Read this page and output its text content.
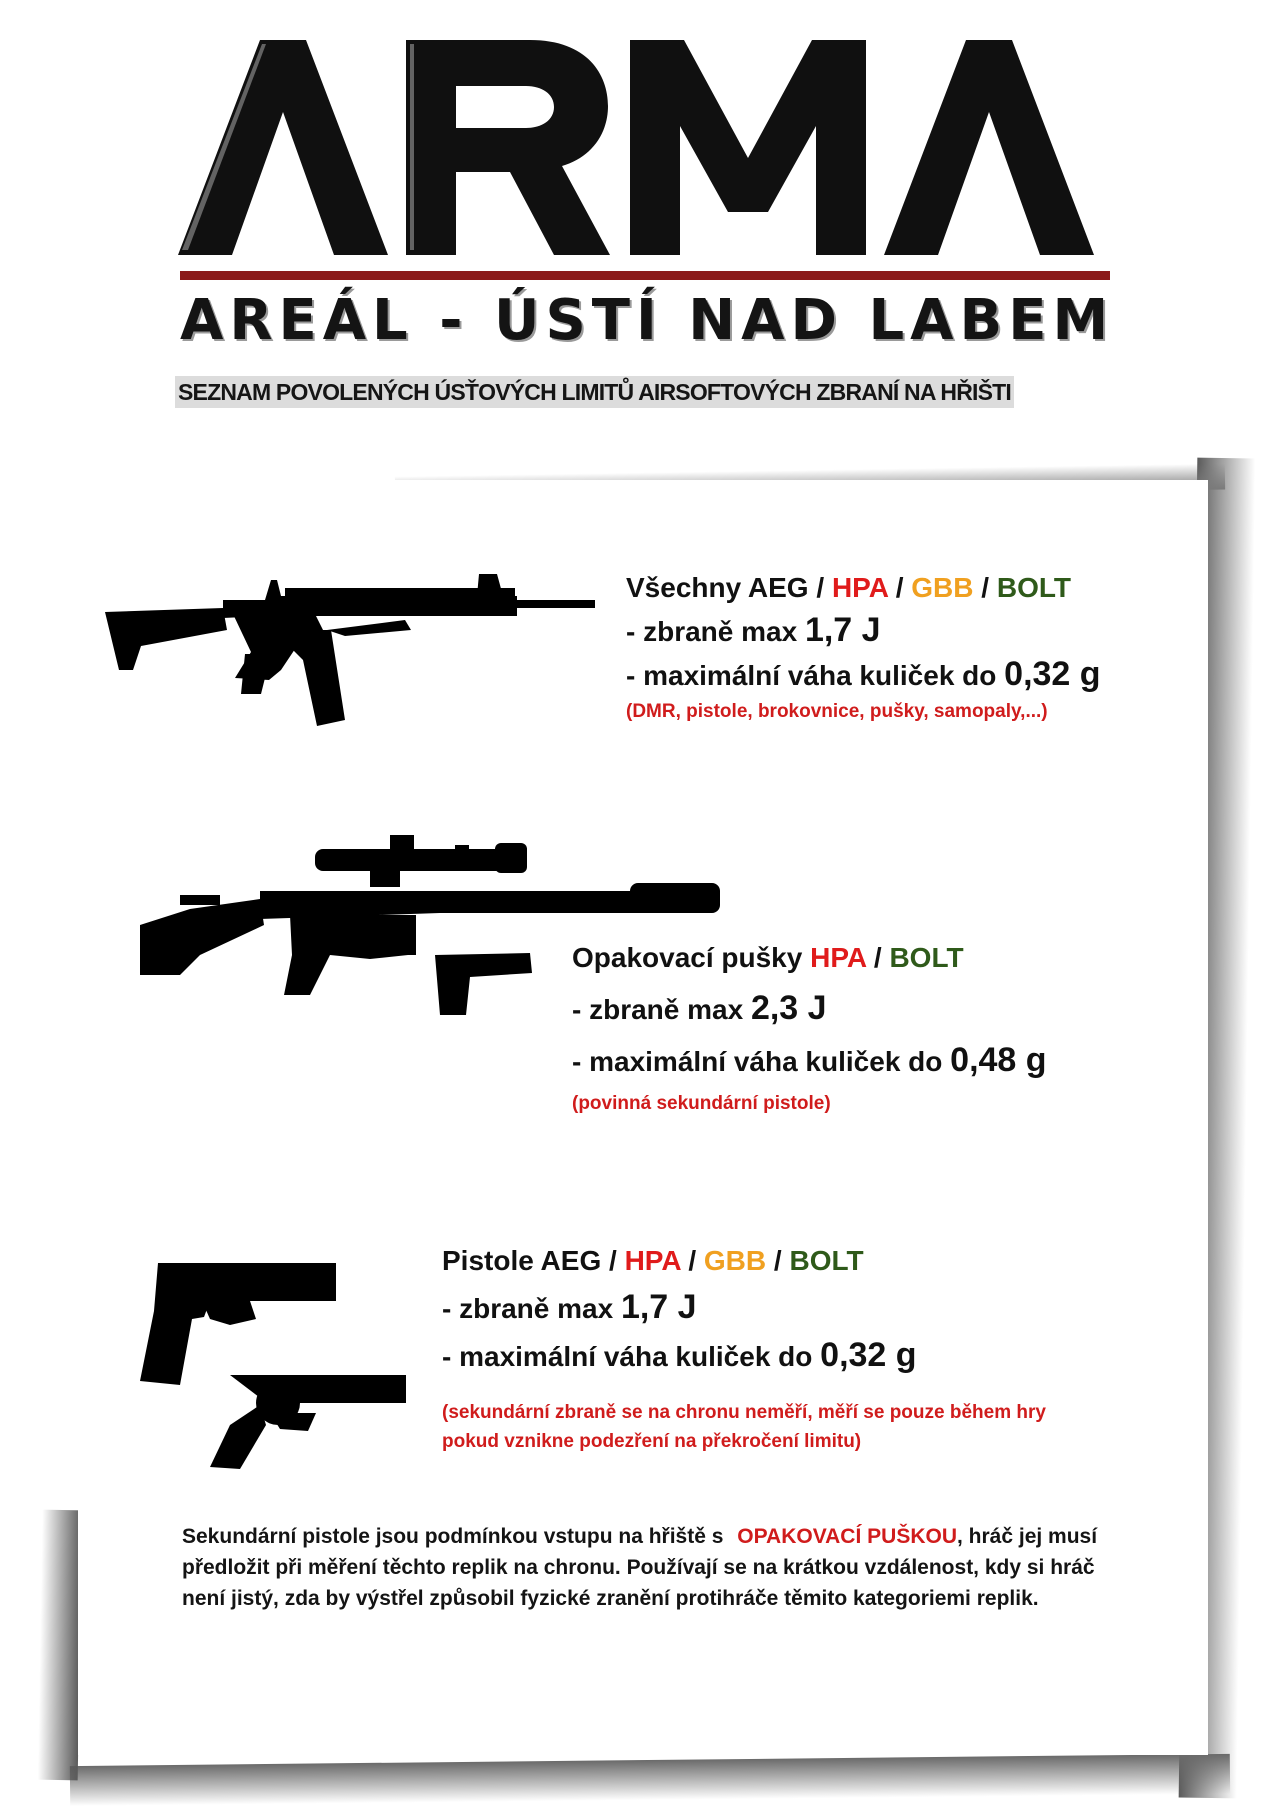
AREÁL - ÚSTÍ NAD LABEM
SEZNAM POVOLENÝCH ÚSŤOVÝCH LIMITŮ AIRSOFTOVÝCH ZBRANÍ NA HŘIŠTI
Všechny AEG / HPA / GBB / BOLT
- zbraně max 1,7 J
- maximální váha kuliček do 0,32 g
(DMR, pistole, brokovnice, pušky, samopaly,...)
Opakovací pušky HPA / BOLT
- zbraně max 2,3 J
- maximální váha kuliček do 0,48 g
(povinná sekundární pistole)
Pistole AEG / HPA / GBB / BOLT
- zbraně max 1,7 J
- maximální váha kuliček do 0,32 g
(sekundární zbraně se na chronu neměří, měří se pouze během hry
pokud vznikne podezření na překročení limitu)
Sekundární pistole jsou podmínkou vstupu na hřiště s OPAKOVACÍ PUŠKOU, hráč jej musí předložit při měření těchto replik na chronu. Používají se na krátkou vzdálenost, kdy si hráč není jistý, zda by výstřel způsobil fyzické zranění protihráče těmito kategoriemi replik.
